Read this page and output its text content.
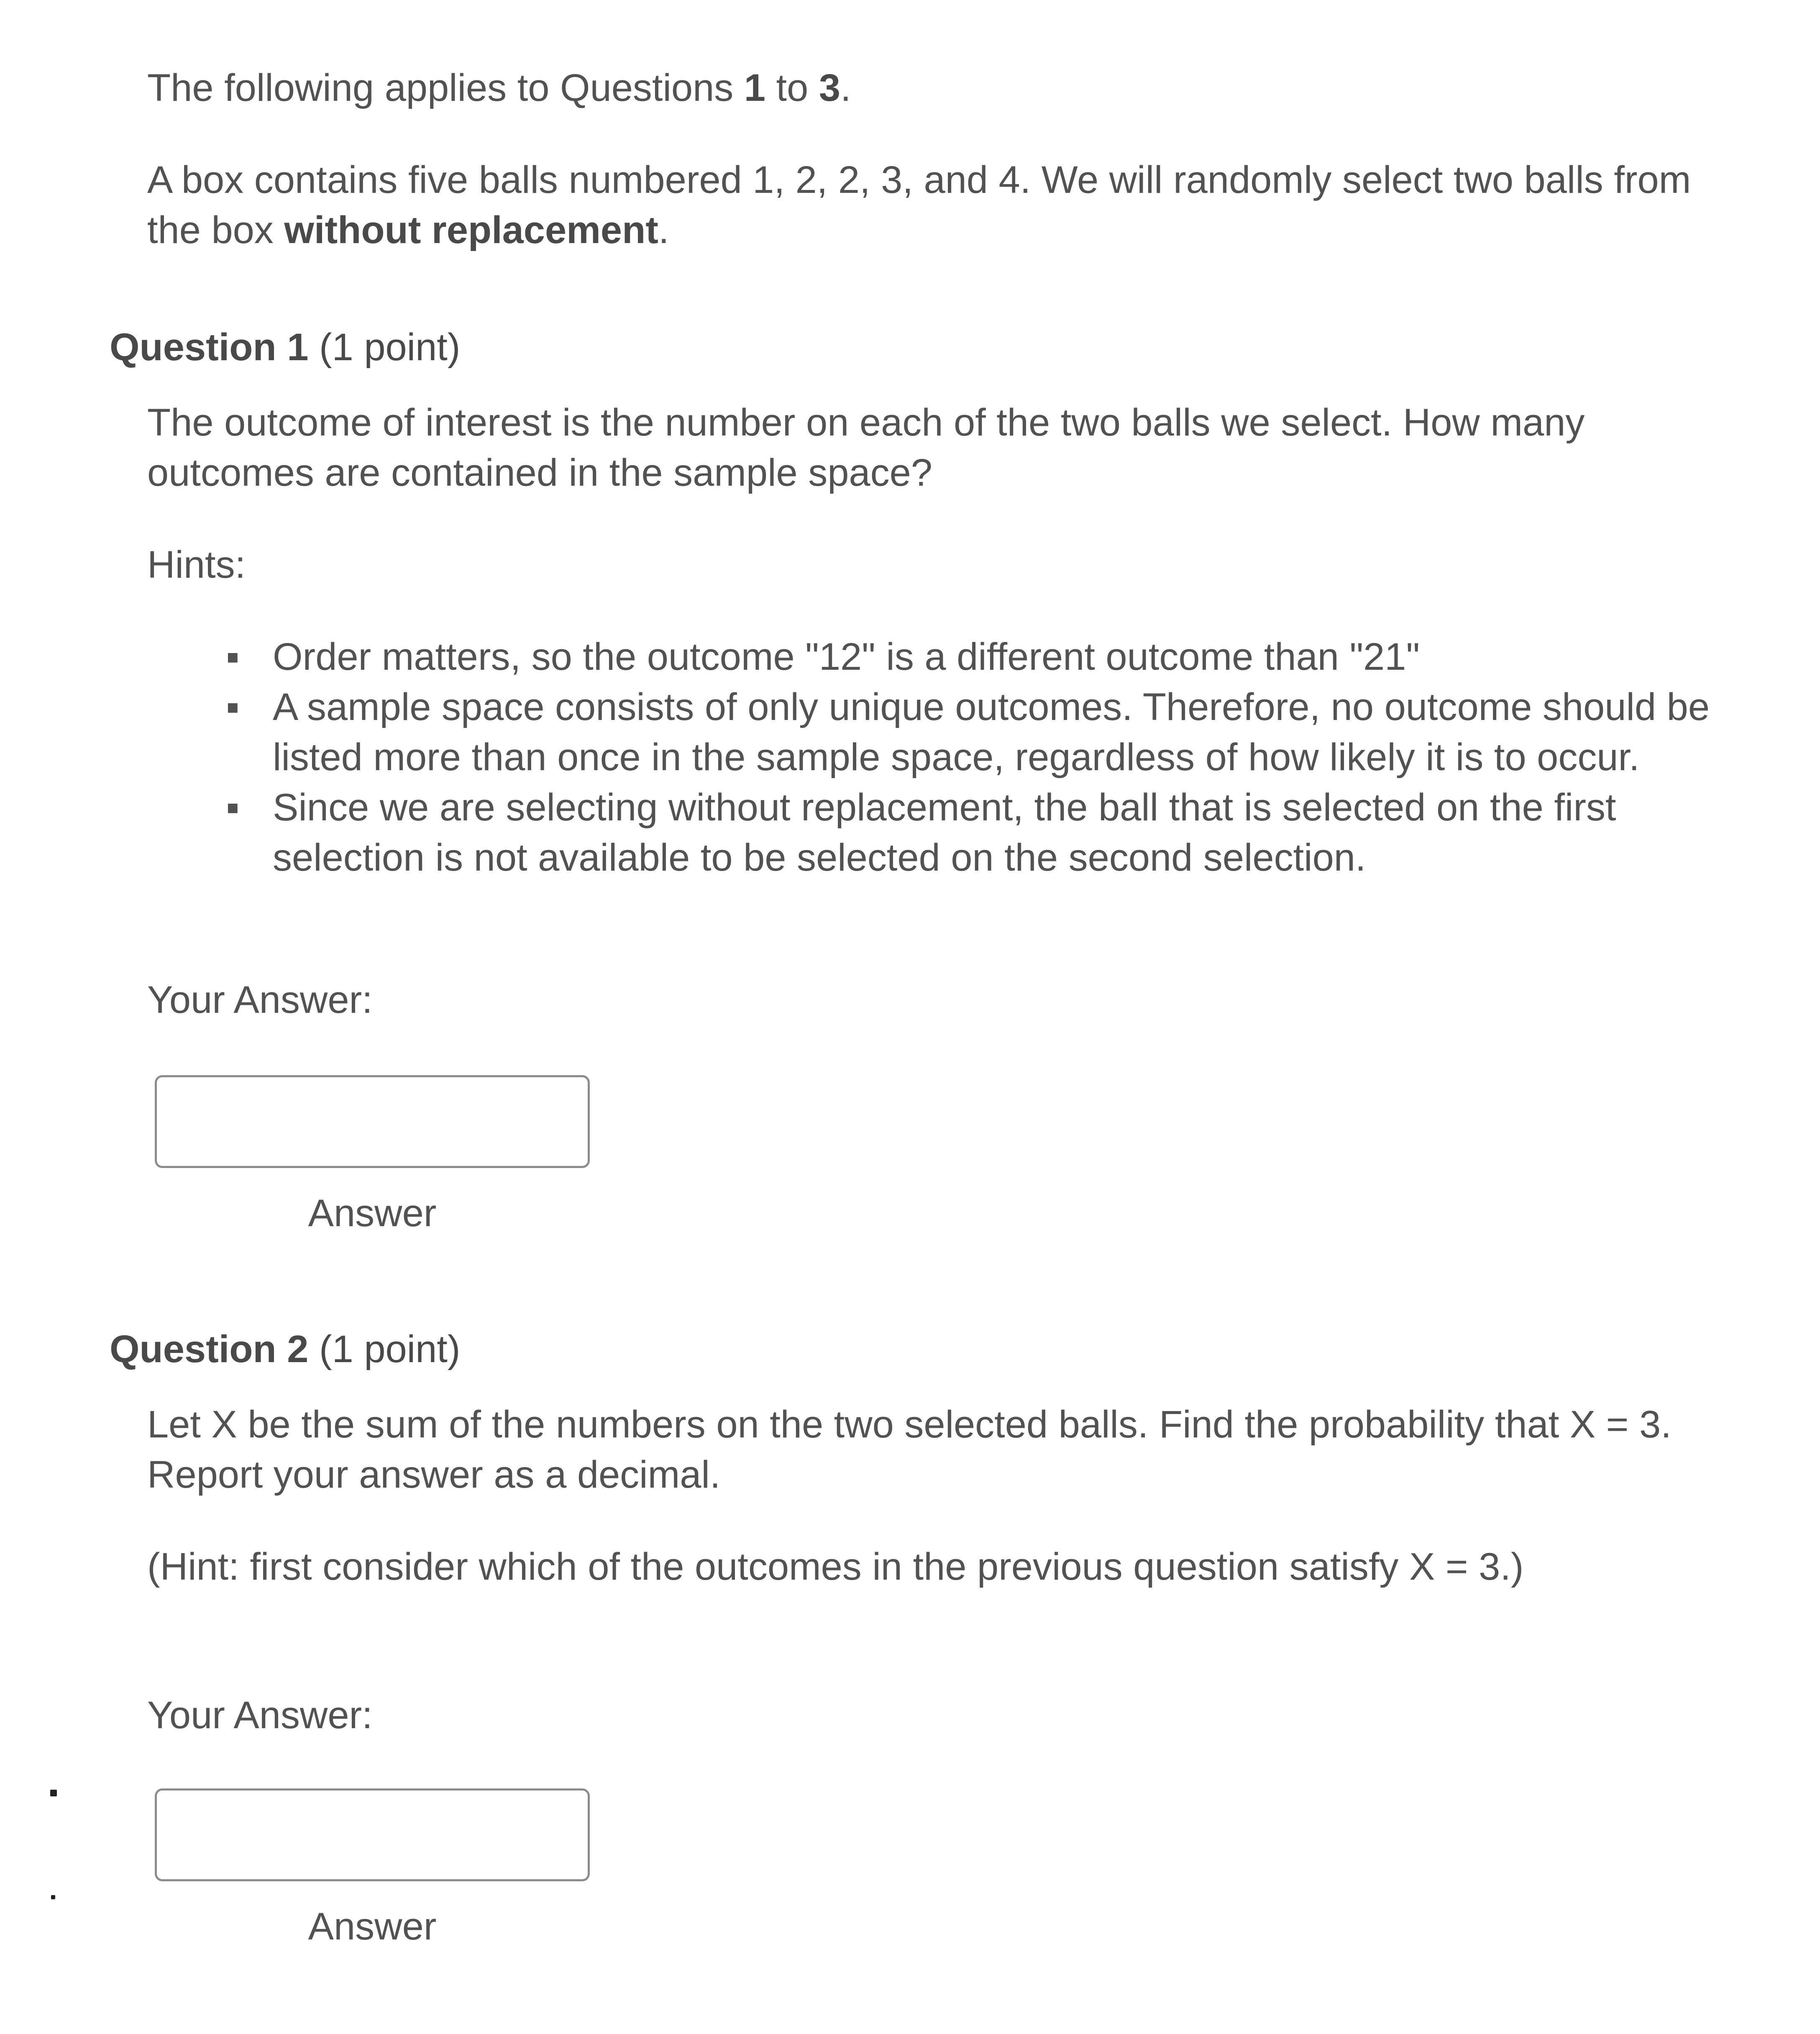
The following applies to Questions 1 to 3.

A box contains five balls numbered 1, 2, 2, 3, and 4. We will randomly select two balls from the box without replacement.

Question 1 (1 point)

The outcome of interest is the number on each of the two balls we select. How many outcomes are contained in the sample space?

Hints:

▪ Order matters, so the outcome "12" is a different outcome than "21"
▪ A sample space consists of only unique outcomes. Therefore, no outcome should be listed more than once in the sample space, regardless of how likely it is to occur.
▪ Since we are selecting without replacement, the ball that is selected on the first selection is not available to be selected on the second selection.
Your Answer:
Answer
Question 2 (1 point)

Let X be the sum of the numbers on the two selected balls. Find the probability that X = 3. Report your answer as a decimal.

(Hint: first consider which of the outcomes in the previous question satisfy X = 3.)

Your Answer:
Answer
